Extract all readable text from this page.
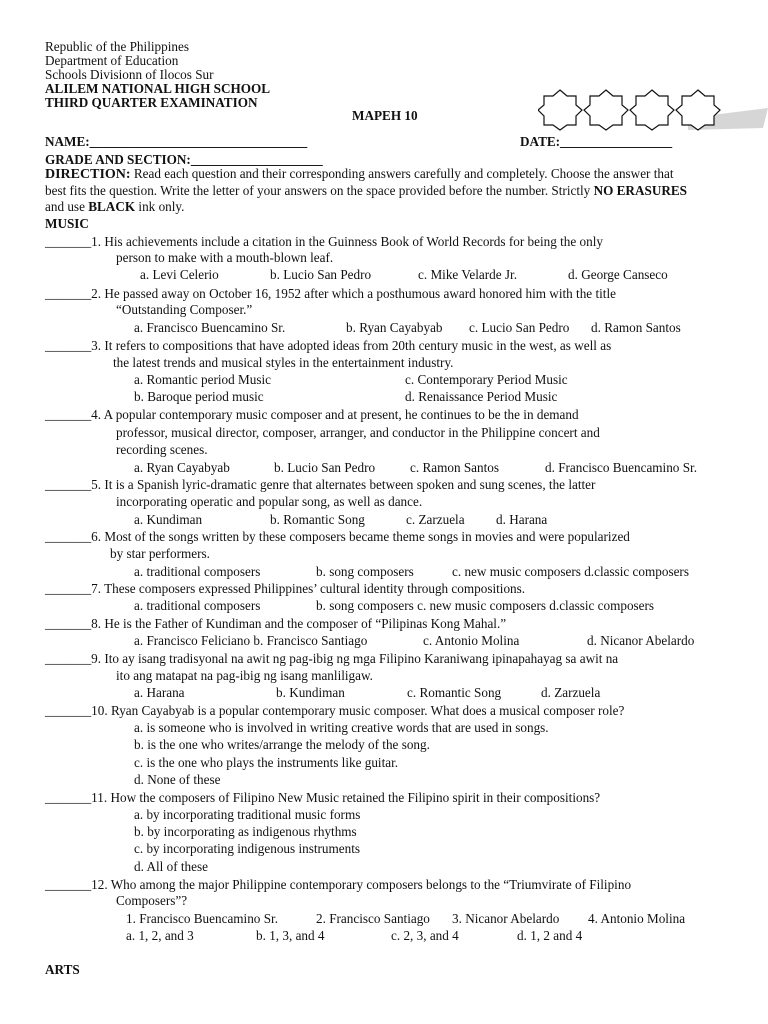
Republic of the Philippines
Department of Education
Schools Divisionn of Ilocos Sur
ALILEM NATIONAL HIGH SCHOOL
THIRD QUARTER EXAMINATION
MAPEH 10
NAME:_________________________________	DATE:_________________
GRADE AND SECTION:____________________
DIRECTION: Read each question and their corresponding answers carefully and completely. Choose the answer that
best fits the question. Write the letter of your answers on the space provided before the number. Strictly NO ERASURES
and use BLACK ink only.
MUSIC
_______1. His achievements include a citation in the Guinness Book of World Records for being the only
person to make with a mouth-blown leaf.
a. Levi Celerio	b. Lucio San Pedro	c. Mike Velarde Jr.	d. George Canseco
_______2. He passed away on October 16, 1952 after which a posthumous award honored him with the title
“Outstanding Composer.”
a. Francisco Buencamino Sr.	b. Ryan Cayabyab c. Lucio San Pedro d. Ramon Santos
_______3. It refers to compositions that have adopted ideas from 20th century music in the west, as well as
the latest trends and musical styles in the entertainment industry.
a. Romantic period Music	c. Contemporary Period Music
b. Baroque period music	d. Renaissance Period Music
_______4. A popular contemporary music composer and at present, he continues to be the in demand
professor, musical director, composer, arranger, and conductor in the Philippine concert and
recording scenes.
a. Ryan Cayabyab	b. Lucio San Pedro	c. Ramon Santos	d. Francisco Buencamino Sr.
_______5. It is a Spanish lyric-dramatic genre that alternates between spoken and sung scenes, the latter
incorporating operatic and popular song, as well as dance.
a. Kundiman	b. Romantic Song	c. Zarzuela d. Harana
_______6. Most of the songs written by these composers became theme songs in movies and were popularized
by star performers.
a. traditional composers	b. song composers	c. new music composers d.classic composers
_______7. These composers expressed Philippines’ cultural identity through compositions.
a. traditional composers	b. song composers c. new music composers d.classic composers
_______8. He is the Father of Kundiman and the composer of “Pilipinas Kong Mahal.”
a. Francisco Feliciano b. Francisco Santiago	c. Antonio Molina	d. Nicanor Abelardo
_______9. Ito ay isang tradisyonal na awit ng pag-ibig ng mga Filipino Karaniwang ipinapahayag sa awit na
ito ang matapat na pag-ibig ng isang manliligaw.
a. Harana	b. Kundiman	c. Romantic Song	d. Zarzuela
_______10. Ryan Cayabyab is a popular contemporary music composer. What does a musical composer role?
a. is someone who is involved in writing creative words that are used in songs.
b. is the one who writes/arrange the melody of the song.
c. is the one who plays the instruments like guitar.
d. None of these
_______11. How the composers of Filipino New Music retained the Filipino spirit in their compositions?
a. by incorporating traditional music forms
b. by incorporating as indigenous rhythms
c. by incorporating indigenous instruments
d. All of these
_______12. Who among the major Philippine contemporary composers belongs to the “Triumvirate of Filipino
Composers”?
1. Francisco Buencamino Sr.	2. Francisco Santiago 3. Nicanor Abelardo 4. Antonio Molina
a. 1, 2, and 3	b. 1, 3, and 4	c. 2, 3, and 4	d. 1, 2 and 4
ARTS
